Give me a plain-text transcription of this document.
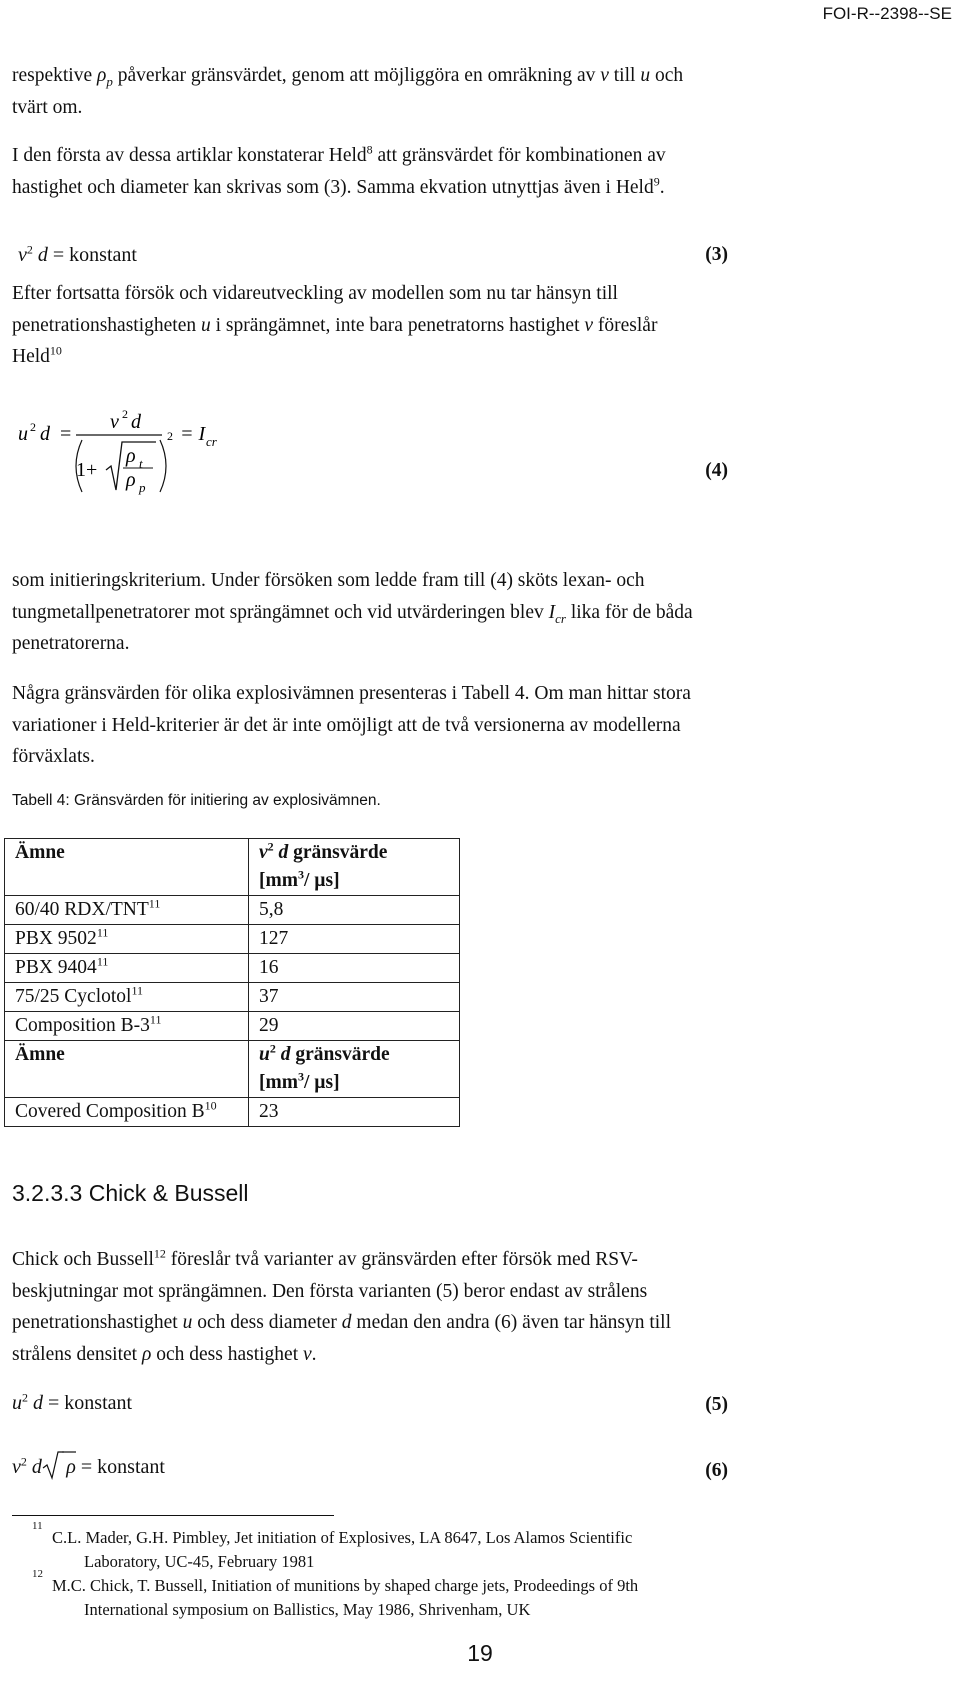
FOI-R--2398--SE
respektive $\rho_p$ påverkar gränsvärdet, genom att möjliggöra en omräkning av v till u och
tvärt om.
I den första av dessa artiklar konstaterar Held$^8$ att gränsvärdet för kombinationen av
hastighet och diameter kan skrivas som (3). Samma ekvation utnyttjas även i Held$^9$.
$v^2$ d = konstant	(3)
Efter fortsatta försök och vidareutveckling av modellen som nu tar hänsyn till
penetrationshastigheten u i sprängämnet, inte bara penetratorns hastighet v föreslår
Held$^{10}$
u 2 d =
v 2 d
2
1+
ρ t
ρ p
= I cr
(4)
som initieringskriterium. Under försöken som ledde fram till (4) sköts lexan- och
tungmetallpenetratorer mot sprängämnet och vid utvärderingen blev $I_{cr}$ lika för de båda
penetratorerna.
Några gränsvärden för olika explosivämnen presenteras i Tabell 4. Om man hittar stora
variationer i Held-kriterier är det är inte omöjligt att de två versionerna av modellerna
förväxlats.
Tabell 4: Gränsvärden för initiering av explosivämnen.
Ämne	$v^2$ d gränsvärde
[$mm^3/$ µs]

60/40 RDX/TNT$^{11}$	5,8
PBX 9502$^{11}$	127
PBX 9404$^{11}$	16
75/25 Cyclotol$^{11}$	37
Composition $B-3^{11}$	29
Ämne	$u^2$ d gränsvärde
[$mm^3/$ µs]

Covered Composition $B^{10}$	23
3.2.3.3 Chick & Bussell
Chick och Bussell$^{12}$ föreslår två varianter av gränsvärden efter försök med RSV-
beskjutningar mot sprängämnen. Den första varianten (5) beror endast av strålens
penetrationshastighet u och dess diameter d medan den andra (6) även tar hänsyn till
strålens densitet ρ och dess hastighet v.
$u^2$ d = konstant	(5)
$v^2$ d ρ
= konstant	(6)
11
C.L. Mader, G.H. Pimbley, Jet initiation of Explosives, LA 8647, Los Alamos Scientific
Laboratory, UC-45, February 1981
12
M.C. Chick, T. Bussell, Initiation of munitions by shaped charge jets, Prodeedings of 9th
International symposium on Ballistics, May 1986, Shrivenham, UK
19
